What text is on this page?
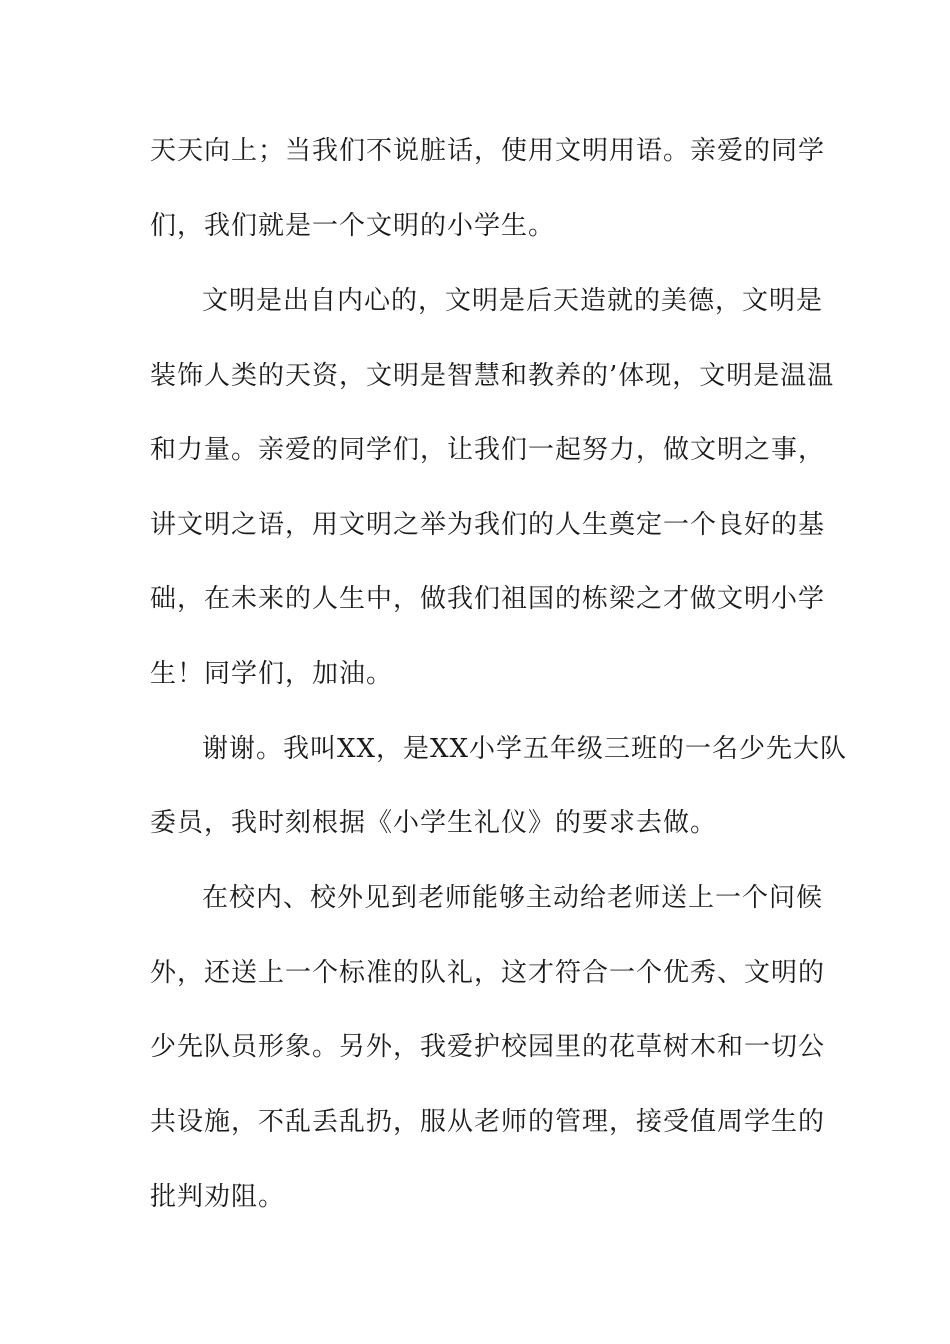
天天向上；当我们不说脏话，使用文明用语。亲爱的同学

们，我们就是一个文明的小学生。

文明是出自内心的，文明是后天造就的美德，文明是

装饰人类的天资，文明是智慧和教养的’体现，文明是温温

和力量。亲爱的同学们，让我们一起努力，做文明之事，

讲文明之语，用文明之举为我们的人生奠定一个良好的基

础，在未来的人生中，做我们祖国的栋梁之才做文明小学

生！同学们，加油。

谢谢。我叫XX，是XX小学五年级三班的一名少先大队

委员，我时刻根据《小学生礼仪》的要求去做。

在校内、校外见到老师能够主动给老师送上一个问候

外，还送上一个标准的队礼，这才符合一个优秀、文明的

少先队员形象。另外，我爱护校园里的花草树木和一切公

共设施，不乱丢乱扔，服从老师的管理，接受值周学生的

批判劝阻。
